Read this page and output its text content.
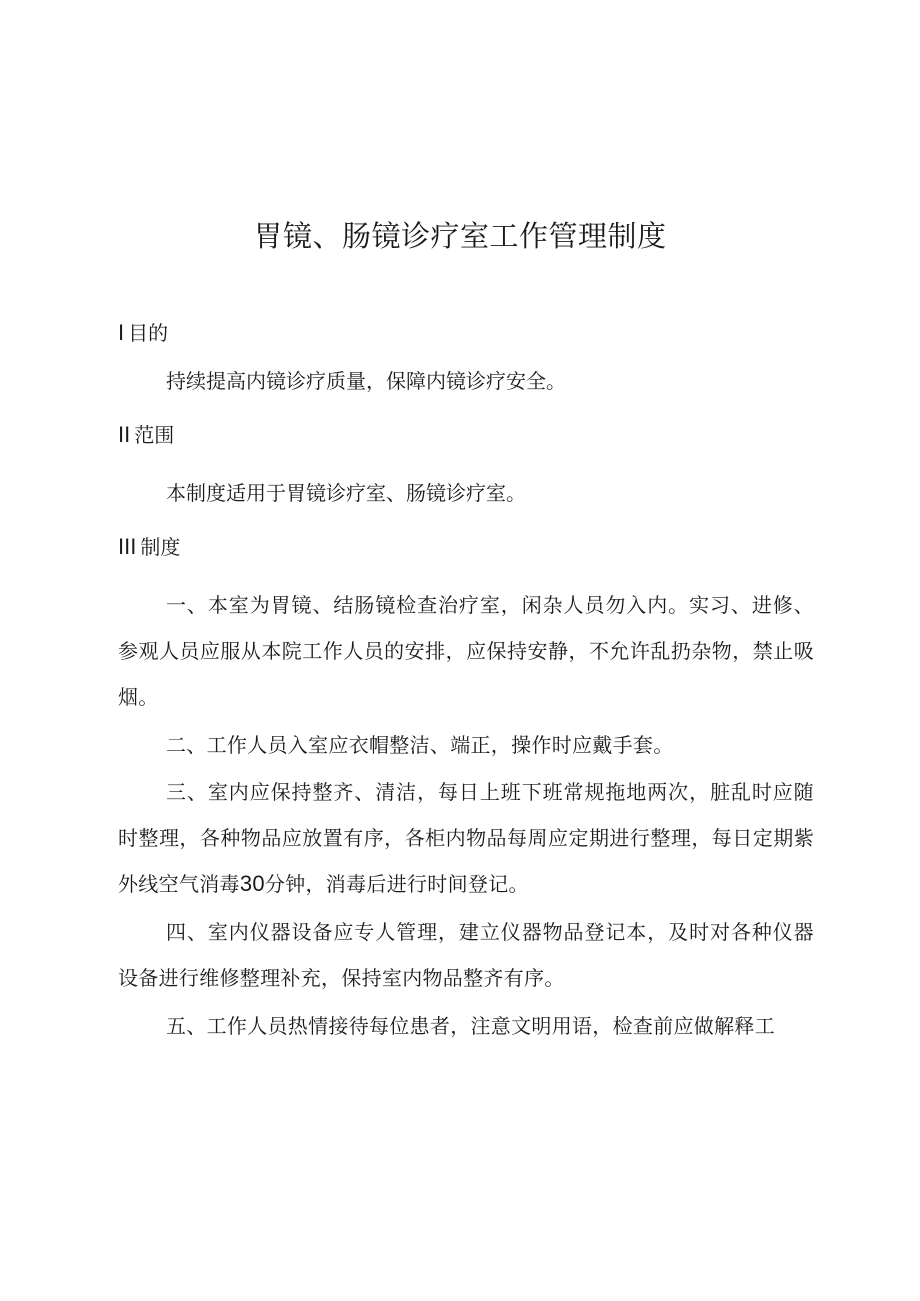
胃镜、肠镜诊疗室工作管理制度
I 目的
持续提高内镜诊疗质量，保障内镜诊疗安全。
II 范围
本制度适用于胃镜诊疗室、肠镜诊疗室。
III 制度
一、本室为胃镜、结肠镜检查治疗室，闲杂人员勿入内。实习、进修、参观人员应服从本院工作人员的安排，应保持安静，不允许乱扔杂物，禁止吸烟。
二、工作人员入室应衣帽整洁、端正，操作时应戴手套。
三、室内应保持整齐、清洁，每日上班下班常规拖地两次，脏乱时应随时整理，各种物品应放置有序，各柜内物品每周应定期进行整理，每日定期紫外线空气消毒30分钟，消毒后进行时间登记。
四、室内仪器设备应专人管理，建立仪器物品登记本，及时对各种仪器设备进行维修整理补充，保持室内物品整齐有序。
五、工作人员热情接待每位患者，注意文明用语，检查前应做解释工
